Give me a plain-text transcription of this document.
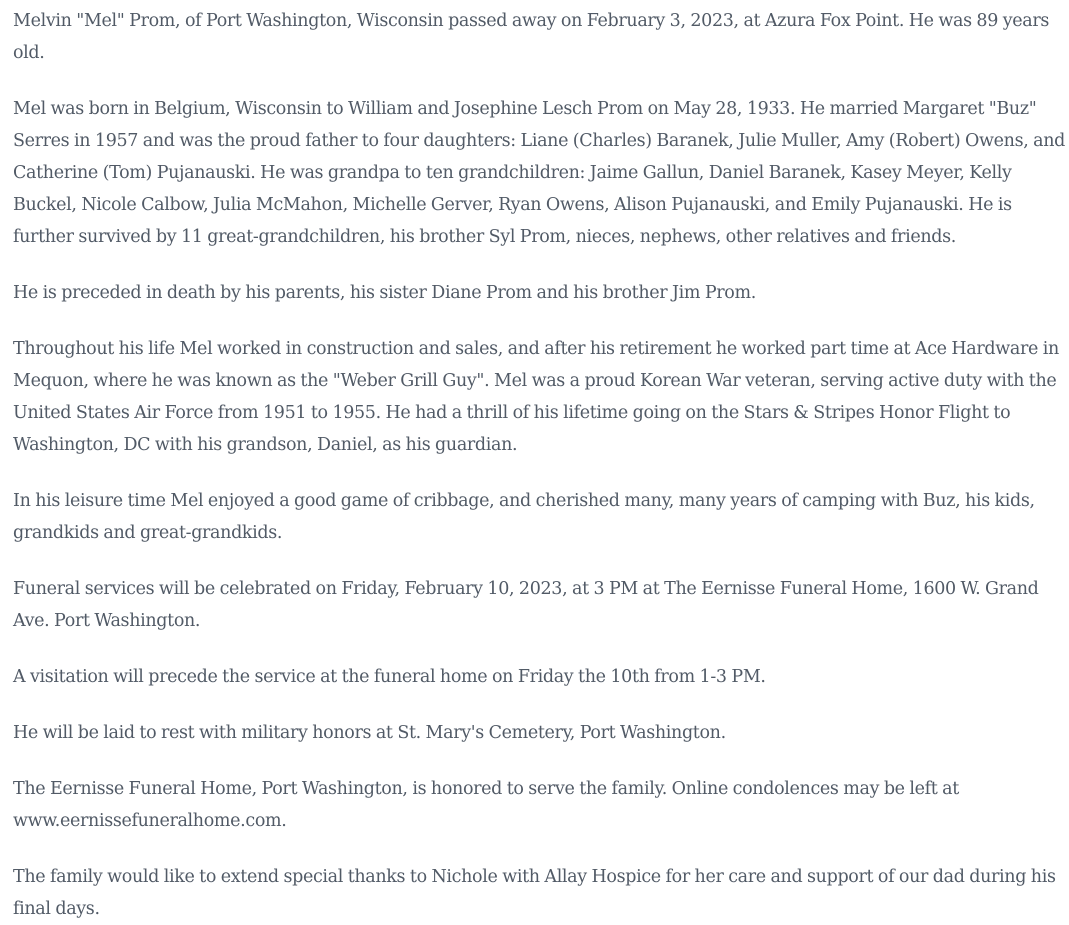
Melvin "Mel" Prom, of Port Washington, Wisconsin passed away on February 3, 2023, at Azura Fox Point. He was 89 years old.

Mel was born in Belgium, Wisconsin to William and Josephine Lesch Prom on May 28, 1933. He married Margaret "Buz" Serres in 1957 and was the proud father to four daughters: Liane (Charles) Baranek, Julie Muller, Amy (Robert) Owens, and Catherine (Tom) Pujanauski. He was grandpa to ten grandchildren: Jaime Gallun, Daniel Baranek, Kasey Meyer, Kelly Buckel, Nicole Calbow, Julia McMahon, Michelle Gerver, Ryan Owens, Alison Pujanauski, and Emily Pujanauski. He is further survived by 11 great-grandchildren, his brother Syl Prom, nieces, nephews, other relatives and friends.

He is preceded in death by his parents, his sister Diane Prom and his brother Jim Prom.

Throughout his life Mel worked in construction and sales, and after his retirement he worked part time at Ace Hardware in Mequon, where he was known as the "Weber Grill Guy". Mel was a proud Korean War veteran, serving active duty with the United States Air Force from 1951 to 1955. He had a thrill of his lifetime going on the Stars & Stripes Honor Flight to Washington, DC with his grandson, Daniel, as his guardian.

In his leisure time Mel enjoyed a good game of cribbage, and cherished many, many years of camping with Buz, his kids, grandkids and great-grandkids.

Funeral services will be celebrated on Friday, February 10, 2023, at 3 PM at The Eernisse Funeral Home, 1600 W. Grand Ave. Port Washington.

A visitation will precede the service at the funeral home on Friday the 10th from 1-3 PM.

He will be laid to rest with military honors at St. Mary's Cemetery, Port Washington.

The Eernisse Funeral Home, Port Washington, is honored to serve the family. Online condolences may be left at www.eernissefuneralhome.com.

The family would like to extend special thanks to Nichole with Allay Hospice for her care and support of our dad during his final days.
